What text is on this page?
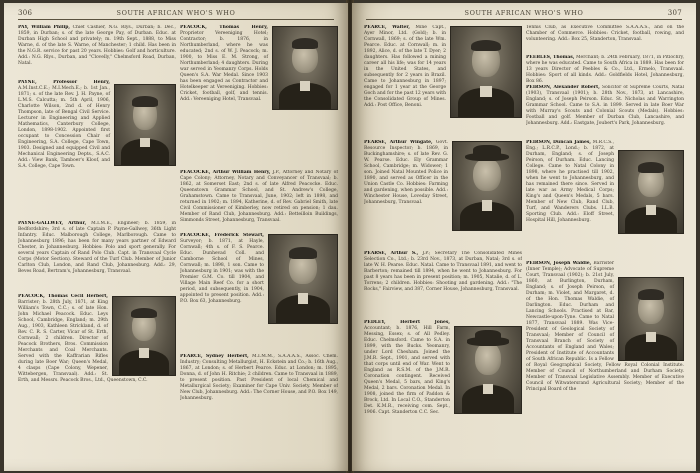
306	SOUTH AFRICAN WHO'S WHO
PAY, William Philip, Chief Cashier, N.G. Rlys., Durban; b. Dec., 1859, in Durban; s. of the late George Pay, of Durban. Educ. at Durban High School and privately; m. 19th Sept., 1888, to Miss Warne, d. of the late S. Warne, of Manchester; 1 child. Has been in the N.G.R. service for past 20 years. Hobbies: Golf and horticulture. Add.: N.G. Rlys., Durban, and "Clovelly," Chelmsford Road, Durban, Natal.
PAYNE, Professor Henry, A.M.Inst.C.E.; M.I.Mech.E.; b. 1st Jan., 1871; s. of the late Rev. J. H. Payne, of L.M.S. Calcutta; m. 5th April, 1906, Charlotte Wilson, 2nd d. of Henry Thompson, late of Bengal Civil Service. Lecturer in Engineering and Applied Mathematics, Canterbury College, London, 1898-1902. Appointed first occupant to Concession Chair of Engineering, S.A. College, Cape Town, 1903. Designed and equipped Civil and Mechanical Engineering Depts., S.A.C. Add.: View Bank, Tamboer's Kloof, and S.A. College, Cape Town.
PAYNE-GALLWEY, Arthur, M.I.M.E., Engineer; b. 1859, in Bedfordshire; 3rd s. of late Captain P. Payne-Gallwey, 36th Light Infantry. Educ. Malborough College, Marlborough. Came to Johannesburg 1896; has been for many years partner of Edward Chester, in Johannesburg. Hobbies: Polo and sport generally. For several years Captain of Rand Polo Club. Capt. in Transvaal Cycle Corps (Motor Section). Steward of the Turf Club. Member of Junior Carlton Club, London, and Rand Club, Johannesburg. Add.: 29, Beves Road, Bertram's, Johannesburg, Transvaal.
PEACOCK, Thomas Cecil Herbert, Barrister; b. 28th July, 1871, at King William's Town, C.C.; s. of late Hon. John Michael Peacock. Educ. Leys School, Cambridge, England; m. 29th Aug., 1903, Kathleen Strickland, d. of Rev. C. R. S. Carter, Vicar of St. Erth, Cornwall; 2 children. Director of Peacock Brothers, Bros. Commission Merchants and Coal Merchants. Served with the Kaffrarian Rifles during late Boer War; Queen's Medal, 4 clasps (Cape Colony, Wepener, Wittebergen, Transvaal). Add.: St. Erth, and Messrs. Peacock Bros., Ltd., Queenstown, C.C.
PEACOCK, Thomas Henry, Proprietor Vereeniging Hotel; Contractor; b. 1876, in Northumberland, where he was educated; 2nd s. of W. J. Peacock; m. 1900, to Miss E. M. Strong, of Northumberland; 4 daughters. During war served in Yeomanry Corps. Holds Queen's S.A. War Medal. Since 1903 has been engaged as Contractor and Hotelkeeper at Vereeniging. Hobbies: Cricket, football, golf, and tennis. Add.: Vereeniging Hotel, Transvaal.
PEACOCKE, Arthur William Henry, J.P., Attorney and Notary of Cape Colony; Attorney, Notary and Conveyancer of Transvaal; b. 1862, at Somerset East; 2nd s. of late Alfred Peacocke. Educ. Queenstown Grammar School, and St. Andrew's College, Grahamstown. Came to Transvaal, June, 1902; left in 1898, and returned in 1902; m. 1894, Katherine, d. of Rev. Gabriel Smith, late Civil Commissioner of Kimberley, now retired on pension; 1 dau. Member of Rand Club, Johannesburg. Add.: Betteilloin Buildings, Simmonds Street, Johannesburg, Transvaal.
PEACOCKE, Frederick Stewart, Surveyor; b. 1871, at Hayle, Cornwall; 4th s. of F. S. Pearce. Educ. Dunhevad Coll. and Camborne School of Mines, Cornwall; m. 1898, 1 son. Came to Johannesburg in 1901; was with the Premier G.M. Co. till 1904, and Village Main Reef Co. for a short period, and subsequently, in 1904, appointed to present position. Add.: P.O. Box 63, Johannesburg.
PEARCE, Sydney Herbert, M.I.M.M., S.A.A.A.S., Assoc. Chem. Industry; Consulting Metallurgist, H. Eckstein and Co.; b. 16th Aug., 1867, at London; s. of Herbert Pearce. Educ. at London; m. 1895, Donna, d. of John H. Ritchie; 2 children. Came to Transvaal in 1889, to present position. Past President of local Chemical and Metallurgical Society; Examiner for Cape Univ. Society. Member of New Club, Johannesburg. Add.: The Corner House, and P.O. Box 149, Johannesburg.
SOUTH AFRICAN WHO'S WHO	307
PEARCE, Walter, Mine Capt., Ayer Minor, Ltd. (Gold); b. in Cornwall, 1869; s. of the late Wm. Pearce. Educ. at Cornwall; m. in 1892, Alice, d. of the late T. Dyer; 2 daughters. Has followed a mining career all his life; was for 14 years in the United States, and subsequently for 2 years in Brazil. Came to Johannesburg in 1897; engaged for 1 year at the George Goch and for the past 12 years with the Consolidated Group of Mines. Add.: Post Office, Benoni.
PEARSE, Arthur Wingate, Govt. Resource Inspector; b. 1869, in Buckinghamshire; s. of late Rev. G. W. Pearse. Educ. Ely Grammar School, Cambridge; m. Widower; 1 son. Joined Natal Mounted Police in 1890, and served as Officer in the Union Castle Co. Hobbies: Farming and gardening, when possible. Add.: Winchester House, Loveday Street, Johannesburg, Transvaal.
PEARSE, Arthur S., J.P.; Secretary The Consolidated Mines Selection Co., Ltd.; b. 23rd Nov., 1873, at Durban, Natal; 3rd s. of late W. H. Pearse. Educ. Natal. Came to Transvaal 1891, and went to Barberton; remained till 1894, when he went to Johannesburg. For past 8 years has been in present position; m. 1905, Natalie, d. of L. Torrens; 2 children. Hobbies: Shooting and gardening. Add.: "The Rocks," Fairview, and 387, Corner House, Johannesburg, Transvaal.
PEDLEY, Herbert Jones, Accountant; b. 1876, Hill Farm, Messing, Essex; s. of All Pedley. Educ. Chelmsford. Came to S.A. in 1899, with the Bucks. Yeomanry, under Lord Chesham. Joined the J.M.R. Sept., 1901, and served with that corps until end of War. Went to England as R.S.M. of the J.M.R. Coronation contingent. Received Queen's Medal, 5 bars, and King's Medal, 2 bars. Coronation Medal. In 1908, joined the firm of Paddon & Brock, Ltd. In Local C.O., Standerton Det. K.M.R., receiving com. Sept., 1906. Capt. Standerton C.C. Sec.
Tennis Club, as Executive Committee S.A.A.A.S., and on the Chamber of Commerce. Hobbies: Cricket, football, rowing, and volunteering. Add.: Box 25, Standerton, Transvaal.
PEEBLES, Thomas, Merchant; b. 24th February, 1871, in Pitlochry, where he was educated. Came to South Africa in 1889. Has been for 13 years Director of Peebles & Co., Ltd., Ermelo, Transvaal. Hobbies: Sport of all kinds. Add.: Goldfields Hotel, Johannesburg, Box 86.
PEIRSON, Alexander Robert, Solicitor of Supreme Courts, Natal (1903), Transvaal (1901); b. 28th Nov., 1873, at Lancashire, England; s. of Joseph Peirson. Educ. St. Nicholas and Warrington Grammar School. Came to S.A. in 1899. Served in late Boer War with Murray's Scouts and Colonial Scouts (Medals). Hobbies: Football and golf. Member of Durban Club, Lancashire, and Johannesburg. Add.: Eastgate, Joubert's Park, Johannesburg.
PEIRSON, Duncan James, M.R.C.S., Eng.; L.R.C.P., Lond.; b. 1872, at Durham, England; s. of Joseph Peirson, of Durham. Educ. Lancing College. Came to Natal Colony in 1898, where he practised till 1902, when he went to Johannesburg, and has remained there since. Served in late war as Army Medical Corps; King's and Queen's Medals, 5 bars. Member of New Club, Rand Club, Turf, and Wanderers Clubs. I.L.B. Sporting Club. Add.: Eloff Street, Hospital Hill, Johannesburg.
PEIRSON, Joseph Waldie, Barrister (Inner Temple); Advocate of Supreme Court, Transvaal (1902); b. 21st July, 1860, at Burlington, Durham, England; s. of Joseph Peirson, of Durham; m. Violet, and Margaret, d. of the Hon. Thomas Waldie, of Darlington. Educ. Durham and Lancing Schools. Practised at Bar, Newcastle-upon-Tyne. Came to Natal 1877, Transvaal 1889. Was Vice-President of Geological Society of Transvaal; Member of Council of Transvaal Branch of Society of Accountants of England and Wales; President of Institute of Accountants of South African Republic. Is a Fellow of Royal Geographical Society, Fellow Royal Colonial Institute. Member of Council of Northumberland and Durham Society. Member of Transvaal Legislative Assembly. Member of Executive Council of Witwatersrand Agricultural Society; Member of the Principal Board of the
